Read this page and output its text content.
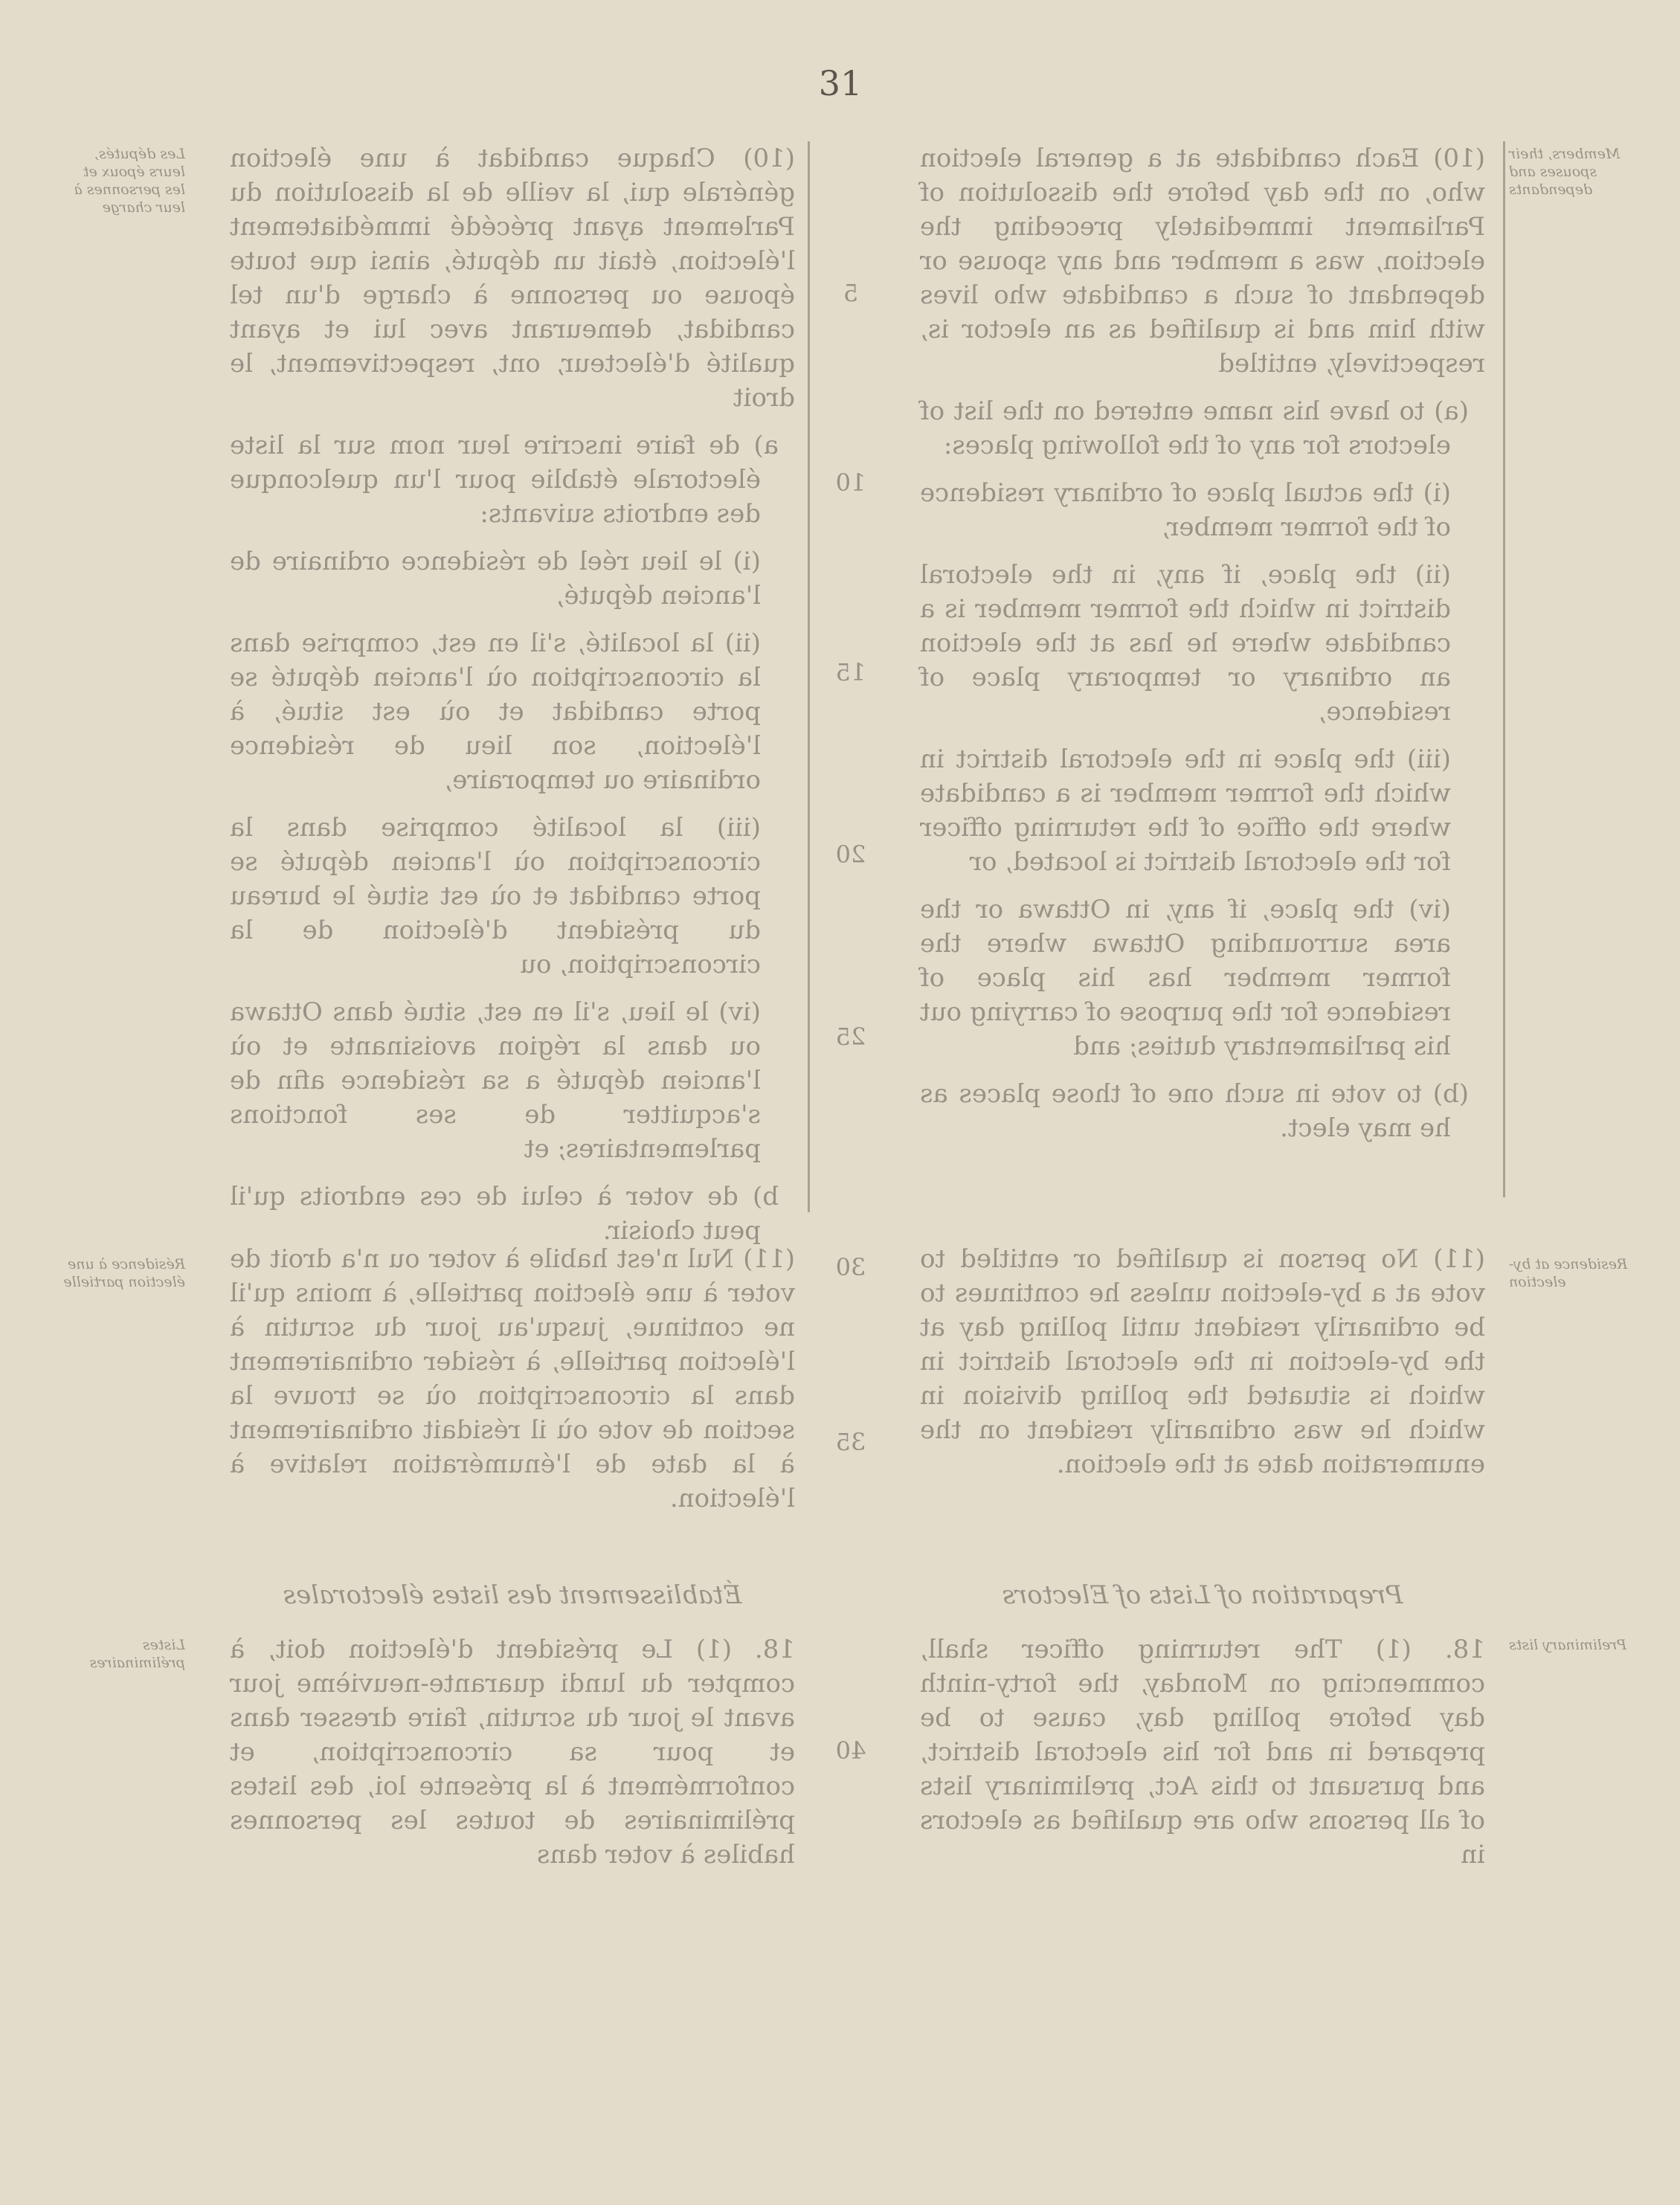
31
Members, their spouses and dependants
Residence at by-election
Preliminary lists

(10) Each candidate at a general election who, on the day before the dissolution of Parliament immediately preceding the election, was a member and any spouse or dependant of such a candidate who lives with him and is qualified as an elector is, respectively, entitled

(a) to have his name entered on the list of electors for any of the following places:

(i) the actual place of ordinary residence of the former member,

(ii) the place, if any, in the electoral district in which the former member is a candidate where he has at the election an ordinary or temporary place of residence,

(iii) the place in the electoral district in which the former member is a candidate where the office of the returning officer for the electoral district is located, or

(iv) the place, if any, in Ottawa or the area surrounding Ottawa where the former member has his place of residence for the purpose of carrying out his parliamentary duties; and

(b) to vote in such one of those places as he may elect.

(11) No person is qualified or entitled to vote at a by-election unless he continues to be ordinarily resident until polling day at the by-election in the electoral district in which is situated the polling division in which he was ordinarily resident on the enumeration date at the election.

Preparation of Lists of Electors

18. (1) The returning officer shall, commencing on Monday, the forty-ninth day before polling day, cause to be prepared in and for his electoral district, and pursuant to this Act, preliminary lists of all persons who are qualified as electors in

5
10
15
20
25
30
35
40

(10) Chaque candidat à une élection générale qui, la veille de la dissolution du Parlement ayant précédé immédiatement l'élection, était un député, ainsi que toute épouse ou personne à charge d'un tel candidat, demeurant avec lui et ayant qualité d'électeur, ont, respectivement, le droit

a) de faire inscrire leur nom sur la liste électorale établie pour l'un quelconque des endroits suivants:

(i) le lieu réel de résidence ordinaire de l'ancien député,

(ii) la localité, s'il en est, comprise dans la circonscription où l'ancien député se porte candidat et où est situé, à l'élection, son lieu de résidence ordinaire ou temporaire,

(iii) la localité comprise dans la circonscription où l'ancien député se porte candidat et où est situé le bureau du président d'élection de la circonscription, ou

(iv) le lieu, s'il en est, situé dans Ottawa ou dans la région avoisinante et où l'ancien député a sa résidence afin de s'acquitter de ses fonctions parlementaires; et

b) de voter à celui de ces endroits qu'il peut choisir.

(11) Nul n'est habile à voter ou n'a droit de voter à une élection partielle, à moins qu'il ne continue, jusqu'au jour du scrutin à l'élection partielle, à résider ordinairement dans la circonscription où se trouve la section de vote où il résidait ordinairement à la date de l'énumération relative à l'élection.

Établissement des listes électorales

18. (1) Le président d'élection doit, à compter du lundi quarante-neuvième jour avant le jour du scrutin, faire dresser dans et pour sa circonscription, et conformément à la présente loi, des listes préliminaires de toutes les personnes habiles à voter dans

Les députés, leurs époux et les personnes à leur charge
Résidence à une élection partielle
Listes préliminaires
